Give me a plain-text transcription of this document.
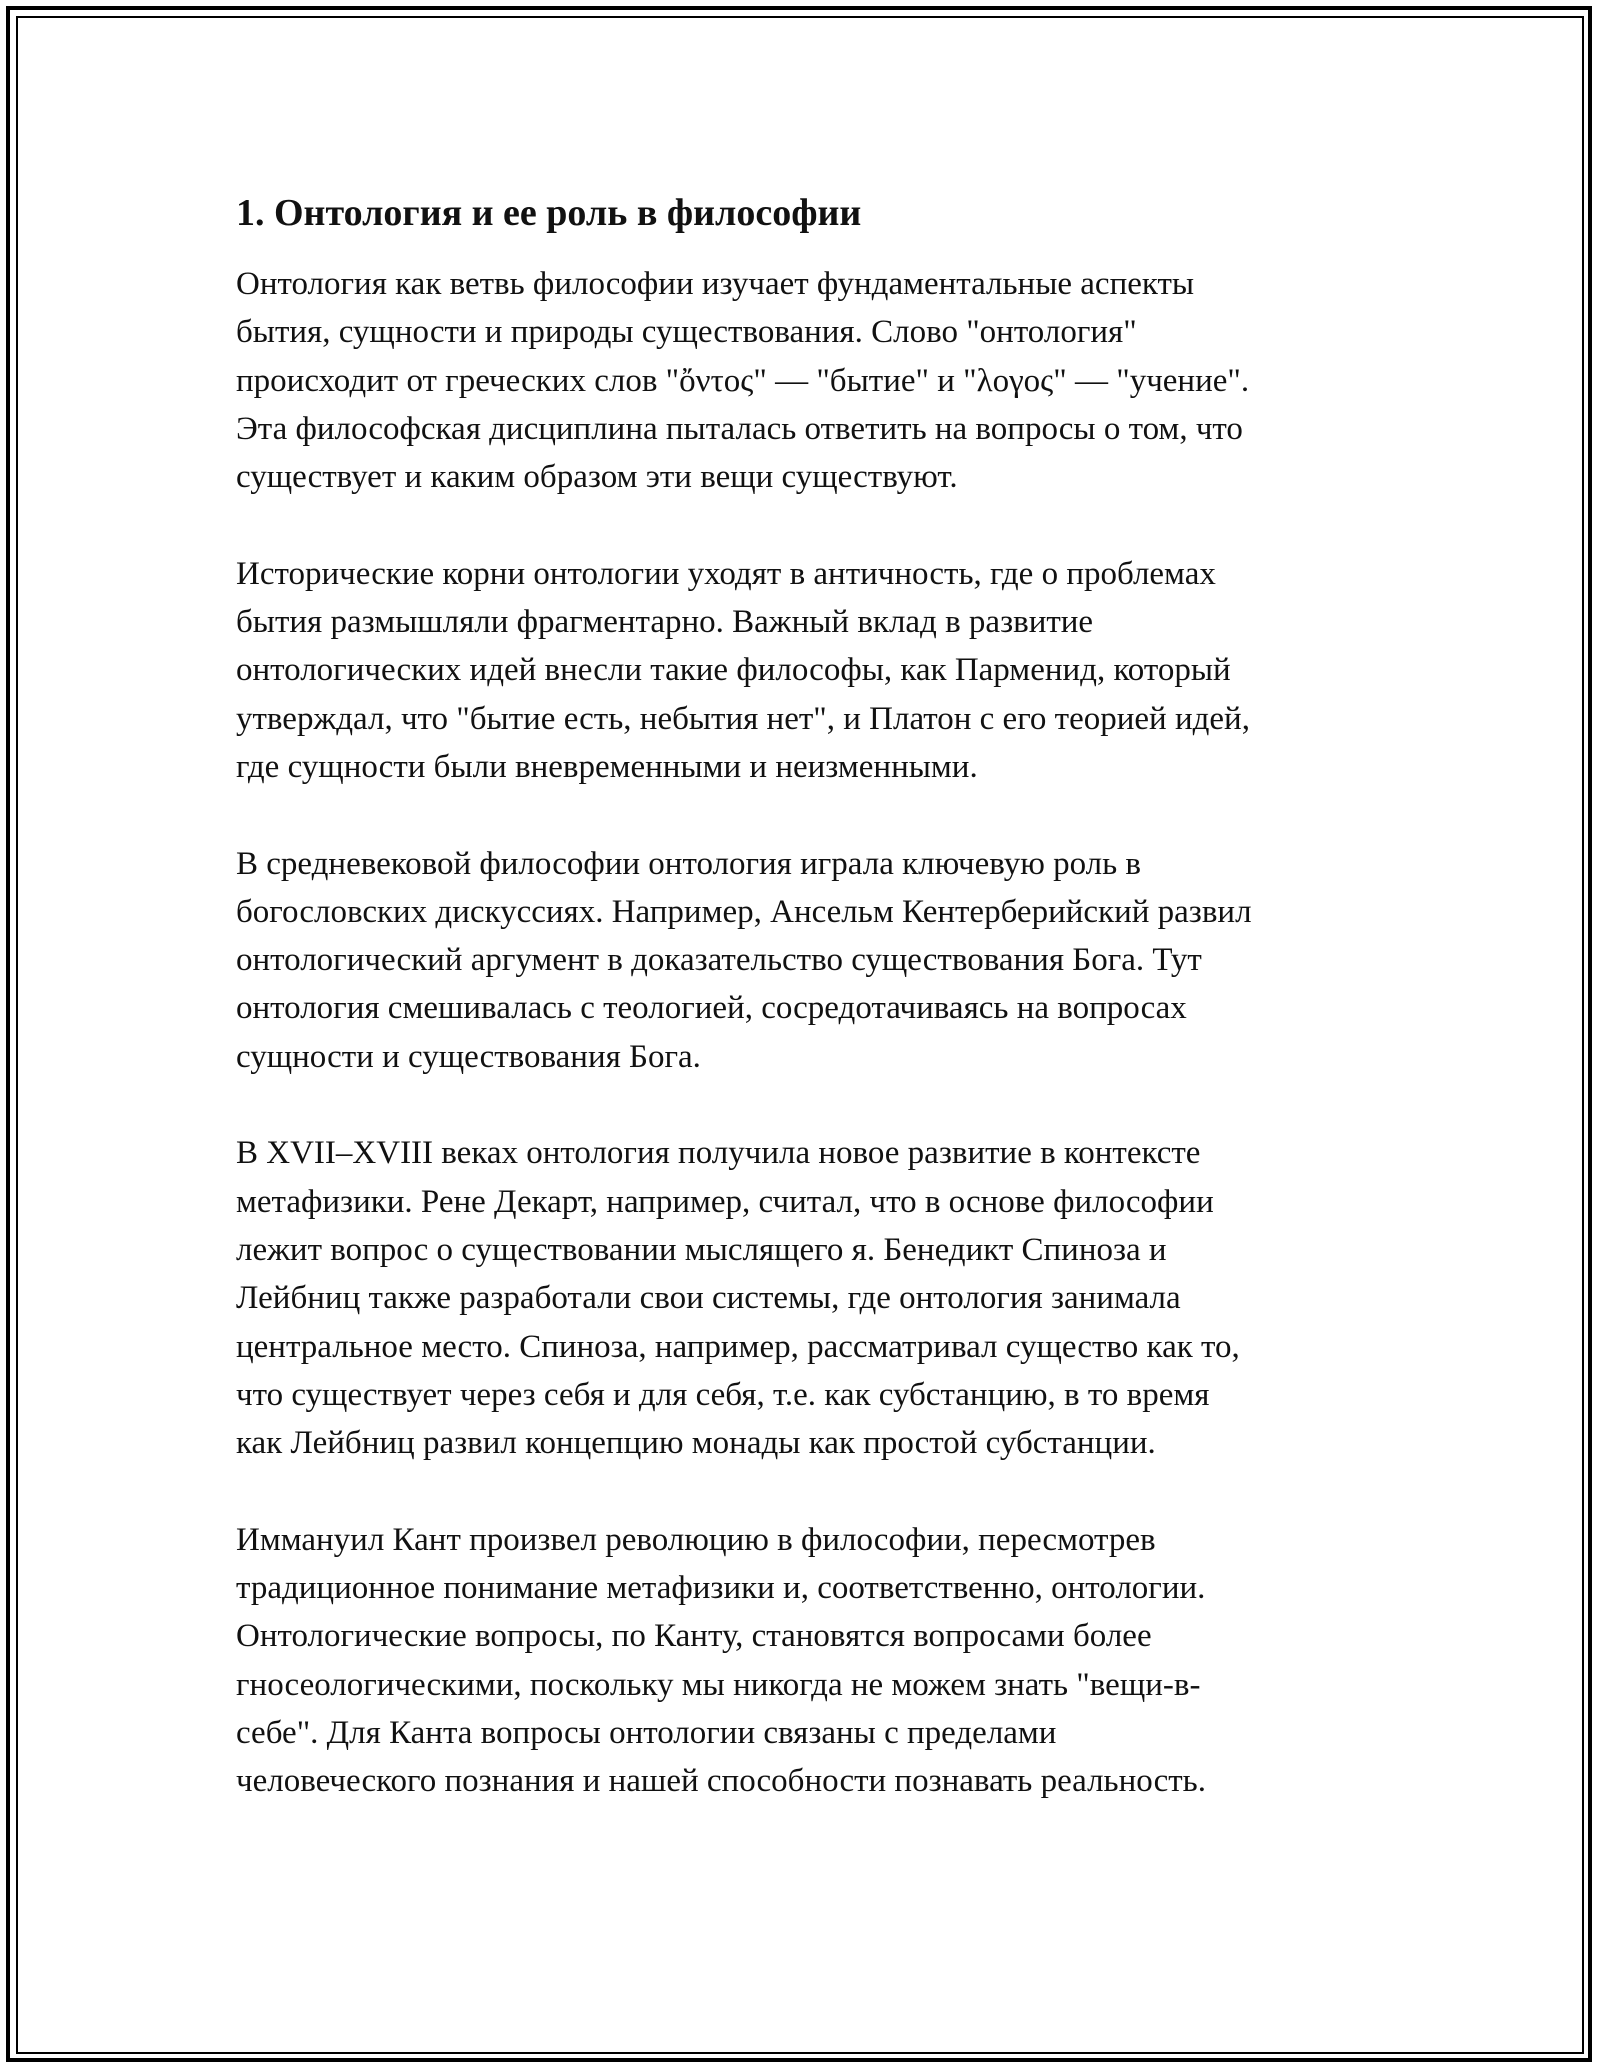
1. Онтология и ее роль в философии

Онтология как ветвь философии изучает фундаментальные аспекты
бытия, сущности и природы существования. Слово "онтология"
происходит от греческих слов "ὄντος" — "бытие" и "λογος" — "учение".
Эта философская дисциплина пыталась ответить на вопросы о том, что
существует и каким образом эти вещи существуют.

Исторические корни онтологии уходят в античность, где о проблемах
бытия размышляли фрагментарно. Важный вклад в развитие
онтологических идей внесли такие философы, как Парменид, который
утверждал, что "бытие есть, небытия нет", и Платон с его теорией идей,
где сущности были вневременными и неизменными.

В средневековой философии онтология играла ключевую роль в
богословских дискуссиях. Например, Ансельм Кентерберийский развил
онтологический аргумент в доказательство существования Бога. Тут
онтология смешивалась с теологией, сосредотачиваясь на вопросах
сущности и существования Бога.

В XVII–XVIII веках онтология получила новое развитие в контексте
метафизики. Рене Декарт, например, считал, что в основе философии
лежит вопрос о существовании мыслящего я. Бенедикт Спиноза и
Лейбниц также разработали свои системы, где онтология занимала
центральное место. Спиноза, например, рассматривал существо как то,
что существует через себя и для себя, т.е. как субстанцию, в то время
как Лейбниц развил концепцию монады как простой субстанции.

Иммануил Кант произвел революцию в философии, пересмотрев
традиционное понимание метафизики и, соответственно, онтологии.
Онтологические вопросы, по Канту, становятся вопросами более
гносеологическими, поскольку мы никогда не можем знать "вещи-в-
себе". Для Канта вопросы онтологии связаны с пределами
человеческого познания и нашей способности познавать реальность.
